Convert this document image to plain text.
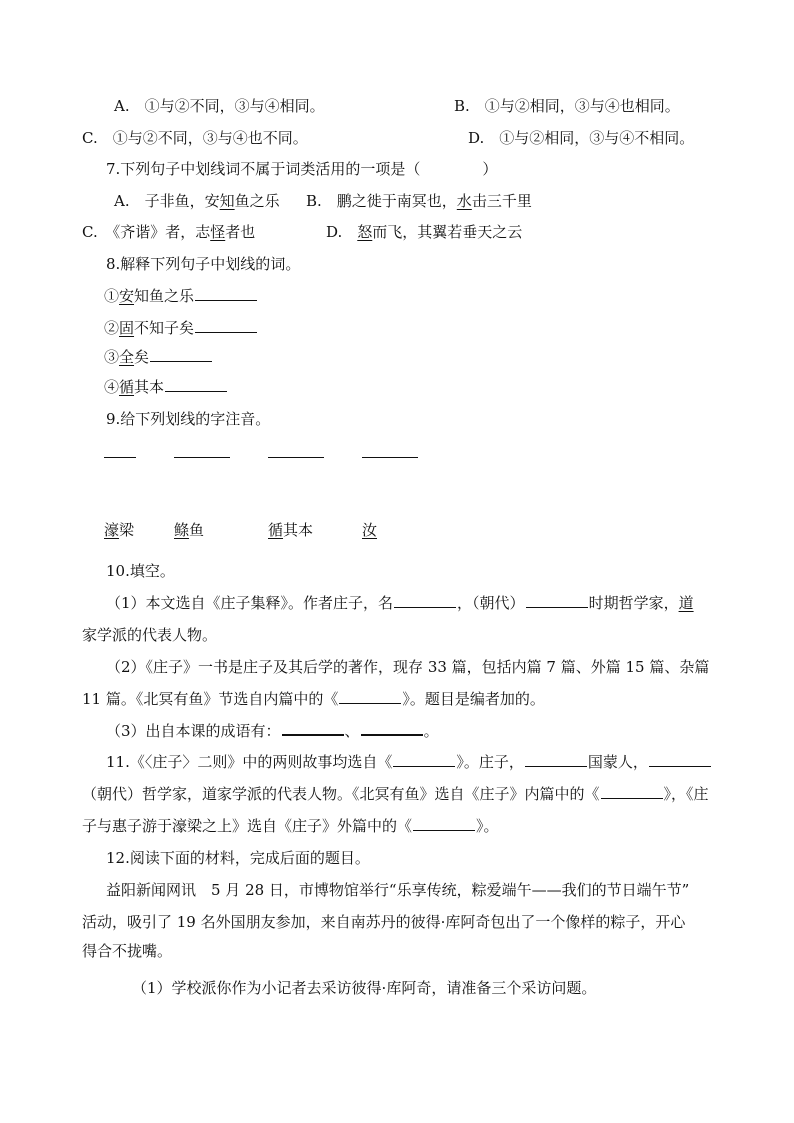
A.　①与②不同，③与④相同。	B.　①与②相同，③与④也相同。
C.　①与②不同，③与④也不同。	D.　①与②相同，③与④不相同。
7.下列句子中划线词不属于词类活用的一项是（	）
A.　子非鱼，安知鱼之乐 B.　鹏之徙于南冥也，水击三千里
C.　《齐谐》者，志怪者也	D.　怒而飞，其翼若垂天之云
8.解释下列句子中划线的词。
①安知鱼之乐
②固不知子矣
③全矣
④循其本
9.给下列划线的字注音。
濠梁	鲦鱼	循其本	汝
10.填空。
（1）本文选自《庄子集释》。作者庄子，名	，（朝代）	时期哲学家，道
家学派的代表人物。
（2）《庄子》一书是庄子及其后学的著作，现存 33 篇，包括内篇 7 篇、外篇 15 篇、杂篇
11 篇。《北冥有鱼》节选自内篇中的《	》。题目是编者加的。
（3）出自本课的成语有：	、	。
11.《〈庄子〉二则》中的两则故事均选自《	》。庄子，	国蒙人，
（朝代）哲学家，道家学派的代表人物。《北冥有鱼》选自《庄子》内篇中的《	》，《庄
子与惠子游于濠梁之上》选自《庄子》外篇中的《	》。
12.阅读下面的材料，完成后面的题目。
益阳新闻网讯　5 月 28 日，市博物馆举行“乐享传统，粽爱端午——我们的节日端午节”
活动，吸引了 19 名外国朋友参加，来自南苏丹的彼得·库阿奇包出了一个像样的粽子，开心
得合不拢嘴。
（1）学校派你作为小记者去采访彼得·库阿奇，请准备三个采访问题。
